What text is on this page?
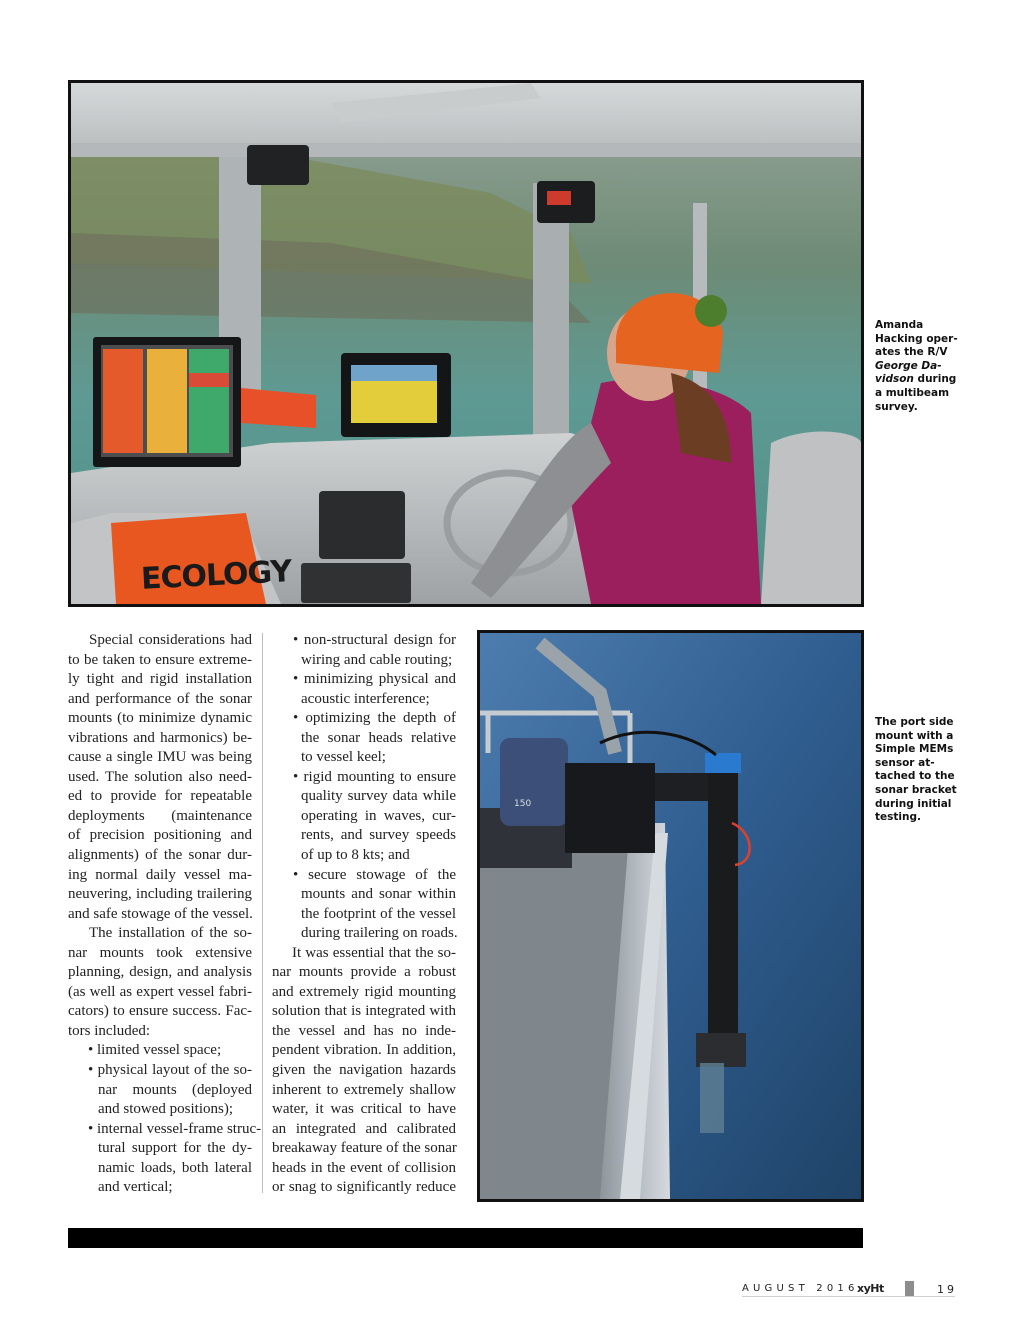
ECOLOGY
Amanda Hacking oper-ates the R/V George Da-vidson during a multibeam survey.
150
The port side mount with a Simple MEMs sensor at-tached to the sonar bracket during initial testing.
Special considerations had
to be taken to ensure extreme-
ly tight and rigid installation
and performance of the sonar
mounts (to minimize dynamic
vibrations and harmonics) be-
cause a single IMU was being
used. The solution also need-
ed to provide for repeatable
deployments (maintenance
of precision positioning and
alignments) of the sonar dur-
ing normal daily vessel ma-
neuvering, including trailering
and safe stowage of the vessel.
The installation of the so-
nar mounts took extensive
planning, design, and analysis
(as well as expert vessel fabri-
cators) to ensure success. Fac-
tors included:
• limited vessel space;
• physical layout of the so-
nar mounts (deployed
and stowed positions);
• internal vessel-frame struc-
tural support for the dy-
namic loads, both lateral
and vertical;
• non-structural design for
wiring and cable routing;
• minimizing physical and
acoustic interference;
• optimizing the depth of
the sonar heads relative
to vessel keel;
• rigid mounting to ensure
quality survey data while
operating in waves, cur-
rents, and survey speeds
of up to 8 kts; and
• secure stowage of the
mounts and sonar within
the footprint of the vessel
during trailering on roads.
It was essential that the so-
nar mounts provide a robust
and extremely rigid mounting
solution that is integrated with
the vessel and has no inde-
pendent vibration. In addition,
given the navigation hazards
inherent to extremely shallow
water, it was critical to have
an integrated and calibrated
breakaway feature of the sonar
heads in the event of collision
or snag to significantly reduce
AUGUST 2016
xyHt	19
